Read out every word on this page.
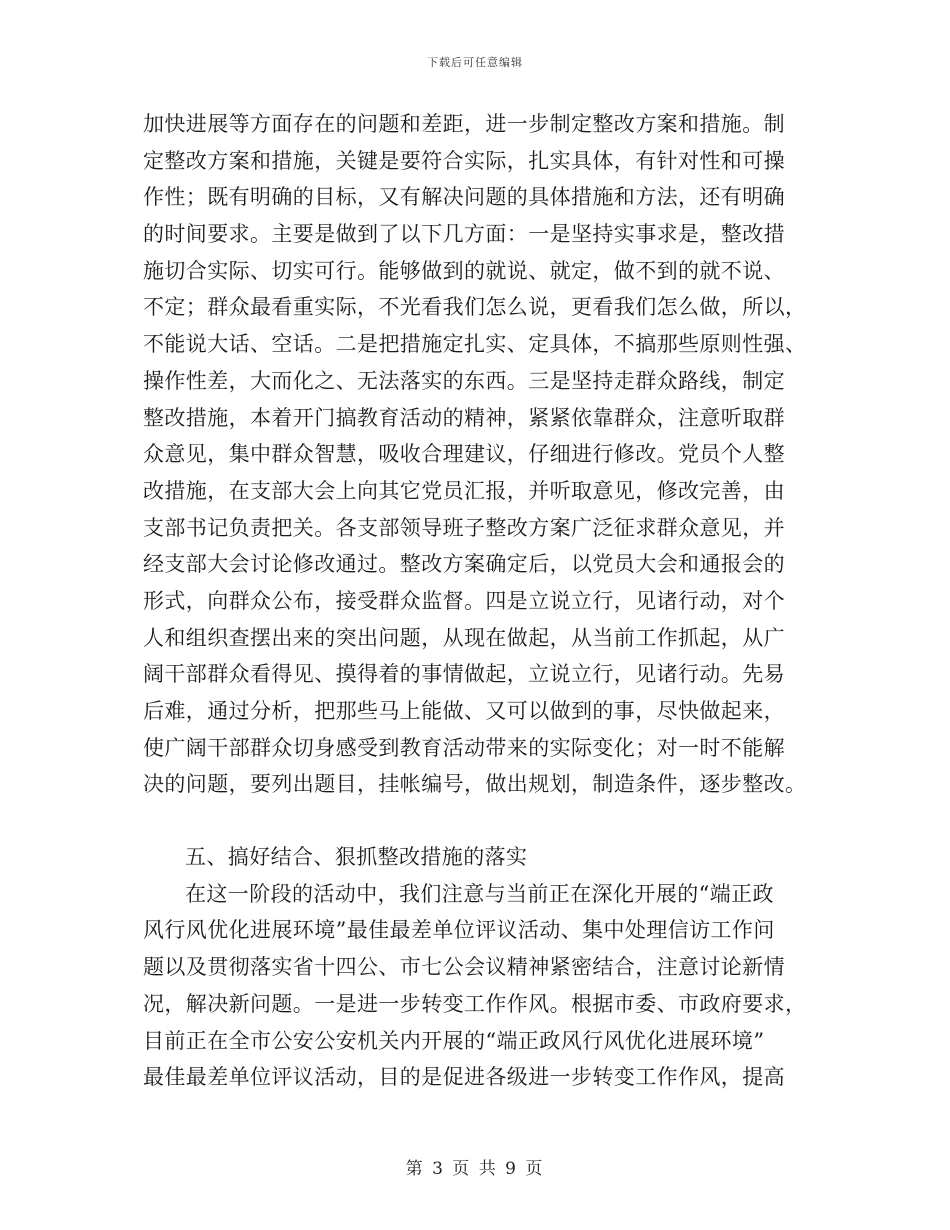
下载后可任意编辑
加快进展等方面存在的问题和差距，进一步制定整改方案和措施。制
定整改方案和措施，关键是要符合实际，扎实具体，有针对性和可操
作性；既有明确的目标，又有解决问题的具体措施和方法，还有明确
的时间要求。主要是做到了以下几方面：一是坚持实事求是，整改措
施切合实际、切实可行。能够做到的就说、就定，做不到的就不说、
不定；群众最看重实际，不光看我们怎么说，更看我们怎么做，所以，
不能说大话、空话。二是把措施定扎实、定具体，不搞那些原则性强、
操作性差，大而化之、无法落实的东西。三是坚持走群众路线，制定
整改措施，本着开门搞教育活动的精神，紧紧依靠群众，注意听取群
众意见，集中群众智慧，吸收合理建议，仔细进行修改。党员个人整
改措施，在支部大会上向其它党员汇报，并听取意见，修改完善，由
支部书记负责把关。各支部领导班子整改方案广泛征求群众意见，并
经支部大会讨论修改通过。整改方案确定后，以党员大会和通报会的
形式，向群众公布，接受群众监督。四是立说立行，见诸行动，对个
人和组织查摆出来的突出问题，从现在做起，从当前工作抓起，从广
阔干部群众看得见、摸得着的事情做起，立说立行，见诸行动。先易
后难，通过分析，把那些马上能做、又可以做到的事，尽快做起来，
使广阔干部群众切身感受到教育活动带来的实际变化；对一时不能解
决的问题，要列出题目，挂帐编号，做出规划，制造条件，逐步整改。
五、搞好结合、狠抓整改措施的落实
在这一阶段的活动中，我们注意与当前正在深化开展的“端正政
风行风优化进展环境”最佳最差单位评议活动、集中处理信访工作问
题以及贯彻落实省十四公、市七公会议精神紧密结合，注意讨论新情
况，解决新问题。一是进一步转变工作作风。根据市委、市政府要求，
目前正在全市公安公安机关内开展的“端正政风行风优化进展环境”
最佳最差单位评议活动，目的是促进各级进一步转变工作作风，提高
第 3 页 共 9 页
